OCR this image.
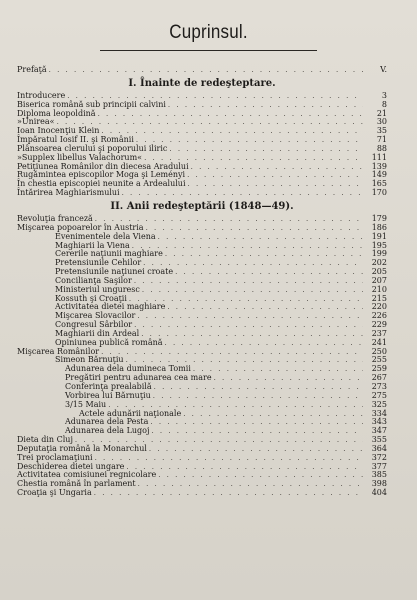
Cuprinsul.
Prefaţă . . .	V.
I. Înainte de redeşteptare.
Introducere . . .	3
Biserica română sub principii calvini . . .	8
Diploma leopoldină . . .	21
»Unirea« . . .	30
Ioan Inocenţiu Klein . . .	35
Împăratul Iosif II. şi Românii . . .	71
Plânsoarea clerului şi poporului iliric . . .	88
»Supplex libellus Valachorum« . . .	111
Petiţiunea Românilor din diecesa Aradului . . .	139
Rugămintea episcopilor Moga şi Leményi . . .	149
În chestia episcopiei neunite a Ardealului . . .	165
Întărirea Maghiarismului . . .	170
II. Anii redeşteptării (1848—49).
Revoluţia franceză . . .	179
Mişcarea popoarelor în Austria . . .	186
Evenimentele dela Viena . . .	191
Maghiarii la Viena . . .	195
Cererile naţiunii maghiare . . .	199
Pretensiunile Cehilor . . .	202
Pretensiunile naţiunei croate . . .	205
Concilianţa Saşilor . . .	207
Ministeriul unguresc . . .	210
Kossuth şi Croaţii . . .	215
Activitatea dietei maghiare . . .	220
Mişcarea Slovacilor . . .	226
Congresul Sârbilor . . .	229
Maghiarii din Ardeal . . .	237
Opiniunea publică română . . .	241
Mişcarea Românilor . . .	250
Simeon Bărnuţiu . . .	255
Adunarea dela dumineca Tomii . . .	259
Pregătiri pentru adunarea cea mare . . .	267
Conferinţa prealabilă . . .	273
Vorbirea lui Bărnuţiu . . .	275
3/15 Maiu . . .	325
Actele adunării naţionale . . .	334
Adunarea dela Pesta . . .	343
Adunarea dela Lugoj . . .	347
Dieta din Cluj . . .	355
Deputaţia română la Monarchul . . .	364
Trei proclamaţiuni . . .	372
Deschiderea dietei ungare . . .	377
Activitatea comisiunei regnicolare . . .	385
Chestia română în parlament . . .	398
Croaţia şi Ungaria . . .	404
